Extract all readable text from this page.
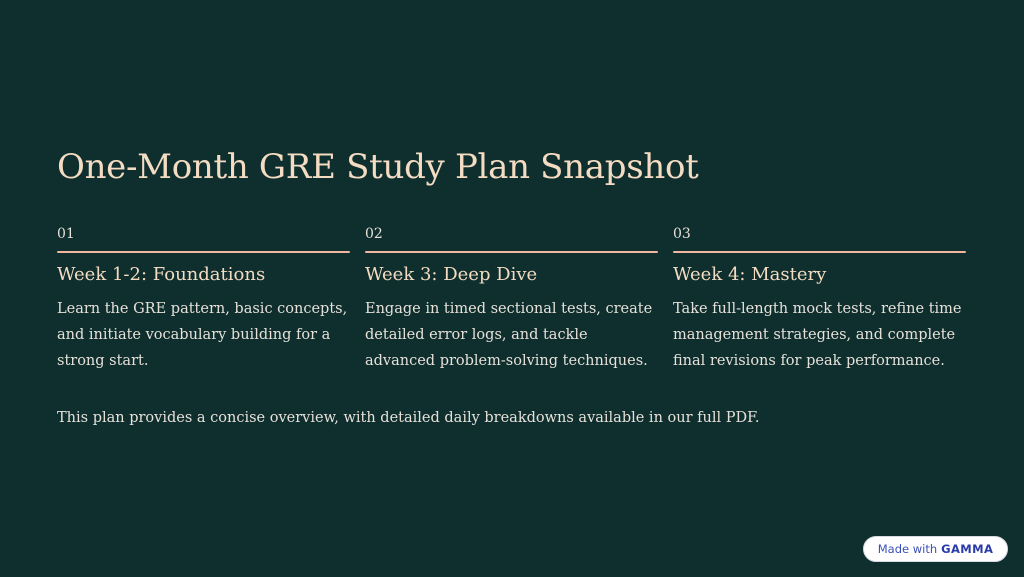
One-Month GRE Study Plan Snapshot
01
Week 1-2: Foundations

Learn the GRE pattern, basic concepts, and initiate vocabulary building for a strong start.

02
Week 3: Deep Dive

Engage in timed sectional tests, create detailed error logs, and tackle advanced problem-solving techniques.

03
Week 4: Mastery

Take full-length mock tests, refine time management strategies, and complete final revisions for peak performance.

This plan provides a concise overview, with detailed daily breakdowns available in our full PDF.

Made with GAMMA
